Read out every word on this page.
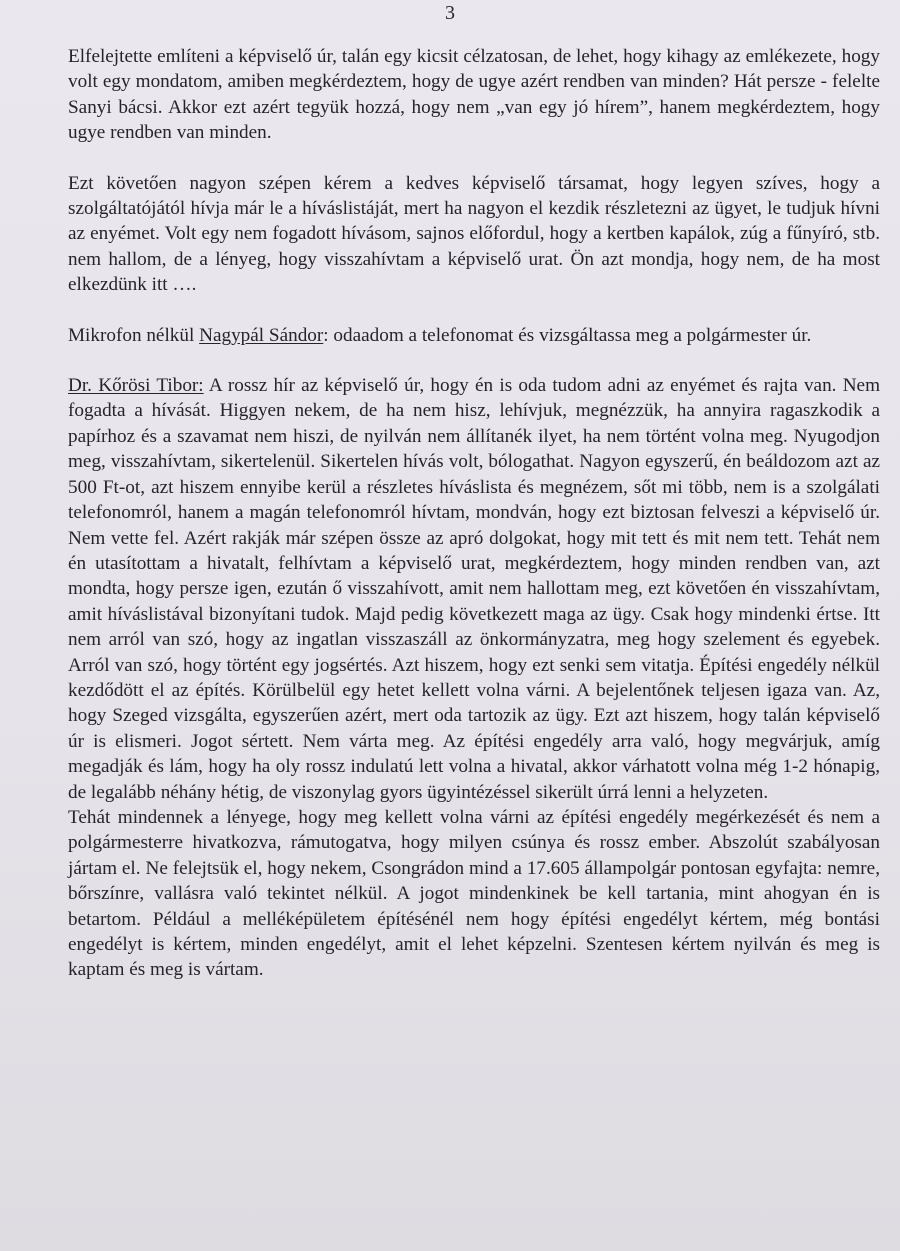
3

Elfelejtette említeni a képviselő úr, talán egy kicsit célzatosan, de lehet, hogy kihagy az emlékezete, hogy volt egy mondatom, amiben megkérdeztem, hogy de ugye azért rendben van minden? Hát persze - felelte Sanyi bácsi. Akkor ezt azért tegyük hozzá, hogy nem „van egy jó hírem”, hanem megkérdeztem, hogy ugye rendben van minden.

Ezt követően nagyon szépen kérem a kedves képviselő társamat, hogy legyen szíves, hogy a szolgáltatójától hívja már le a híváslistáját, mert ha nagyon el kezdik részletezni az ügyet, le tudjuk hívni az enyémet. Volt egy nem fogadott hívásom, sajnos előfordul, hogy a kertben kapálok, zúg a fűnyíró, stb. nem hallom, de a lényeg, hogy visszahívtam a képviselő urat. Ön azt mondja, hogy nem, de ha most elkezdünk itt ….

Mikrofon nélkül Nagypál Sándor: odaadom a telefonomat és vizsgáltassa meg a polgármester úr.

Dr. Kőrösi Tibor: A rossz hír az képviselő úr, hogy én is oda tudom adni az enyémet és rajta van. Nem fogadta a hívását. Higgyen nekem, de ha nem hisz, lehívjuk, megnézzük, ha annyira ragaszkodik a papírhoz és a szavamat nem hiszi, de nyilván nem állítanék ilyet, ha nem történt volna meg. Nyugodjon meg, visszahívtam, sikertelenül. Sikertelen hívás volt, bólogathat. Nagyon egyszerű, én beáldozom azt az 500 Ft-ot, azt hiszem ennyibe kerül a részletes híváslista és megnézem, sőt mi több, nem is a szolgálati telefonomról, hanem a magán telefonomról hívtam, mondván, hogy ezt biztosan felveszi a képviselő úr. Nem vette fel. Azért rakják már szépen össze az apró dolgokat, hogy mit tett és mit nem tett. Tehát nem én utasítottam a hivatalt, felhívtam a képviselő urat, megkérdeztem, hogy minden rendben van, azt mondta, hogy persze igen, ezután ő visszahívott, amit nem hallottam meg, ezt követően én visszahívtam, amit híváslistával bizonyítani tudok. Majd pedig következett maga az ügy. Csak hogy mindenki értse. Itt nem arról van szó, hogy az ingatlan visszaszáll az önkormányzatra, meg hogy szelement és egyebek. Arról van szó, hogy történt egy jogsértés. Azt hiszem, hogy ezt senki sem vitatja. Építési engedély nélkül kezdődött el az építés. Körülbelül egy hetet kellett volna várni. A bejelentőnek teljesen igaza van. Az, hogy Szeged vizsgálta, egyszerűen azért, mert oda tartozik az ügy. Ezt azt hiszem, hogy talán képviselő úr is elismeri. Jogot sértett. Nem várta meg. Az építési engedély arra való, hogy megvárjuk, amíg megadják és lám, hogy ha oly rossz indulatú lett volna a hivatal, akkor várhatott volna még 1-2 hónapig, de legalább néhány hétig, de viszonylag gyors ügyintézéssel sikerült úrrá lenni a helyzeten.

Tehát mindennek a lényege, hogy meg kellett volna várni az építési engedély megérkezését és nem a polgármesterre hivatkozva, rámutogatva, hogy milyen csúnya és rossz ember. Abszolút szabályosan jártam el. Ne felejtsük el, hogy nekem, Csongrádon mind a 17.605 állampolgár pontosan egyfajta: nemre, bőrszínre, vallásra való tekintet nélkül. A jogot mindenkinek be kell tartania, mint ahogyan én is betartom. Például a melléképületem építésénél nem hogy építési engedélyt kértem, még bontási engedélyt is kértem, minden engedélyt, amit el lehet képzelni. Szentesen kértem nyilván és meg is kaptam és meg is vártam.
